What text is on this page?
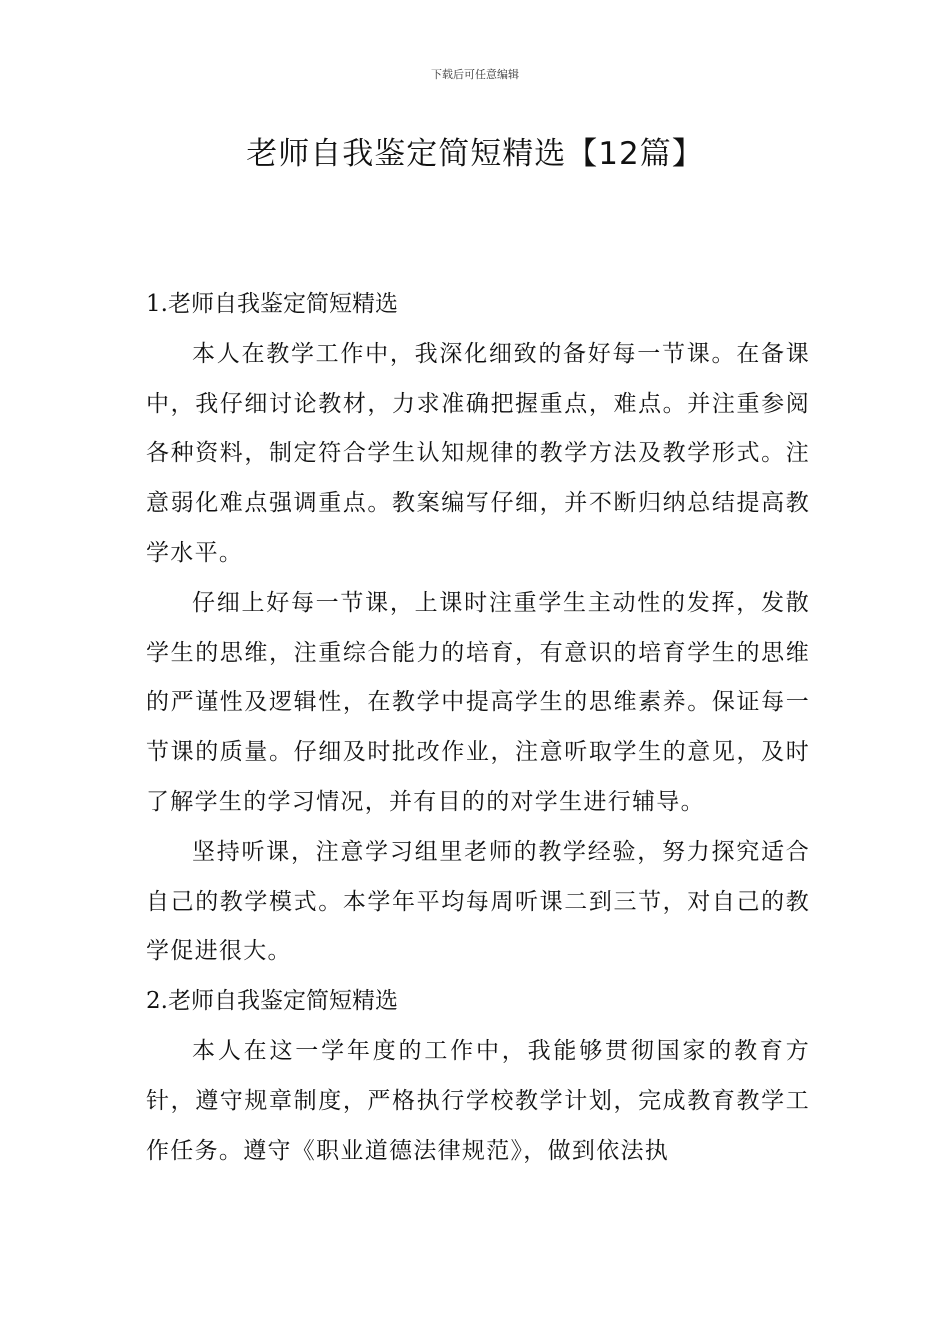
下载后可任意编辑
老师自我鉴定简短精选【12篇】
1.老师自我鉴定简短精选

本人在教学工作中，我深化细致的备好每一节课。在备课中，我仔细讨论教材，力求准确把握重点，难点。并注重参阅各种资料，制定符合学生认知规律的教学方法及教学形式。注意弱化难点强调重点。教案编写仔细，并不断归纳总结提高教学水平。

仔细上好每一节课，上课时注重学生主动性的发挥，发散学生的思维，注重综合能力的培育，有意识的培育学生的思维的严谨性及逻辑性，在教学中提高学生的思维素养。保证每一节课的质量。仔细及时批改作业，注意听取学生的意见，及时了解学生的学习情况，并有目的的对学生进行辅导。

坚持听课，注意学习组里老师的教学经验，努力探究适合自己的教学模式。本学年平均每周听课二到三节，对自己的教学促进很大。

2.老师自我鉴定简短精选

本人在这一学年度的工作中，我能够贯彻国家的教育方针，遵守规章制度，严格执行学校教学计划，完成教育教学工作任务。遵守《职业道德法律规范》，做到依法执
